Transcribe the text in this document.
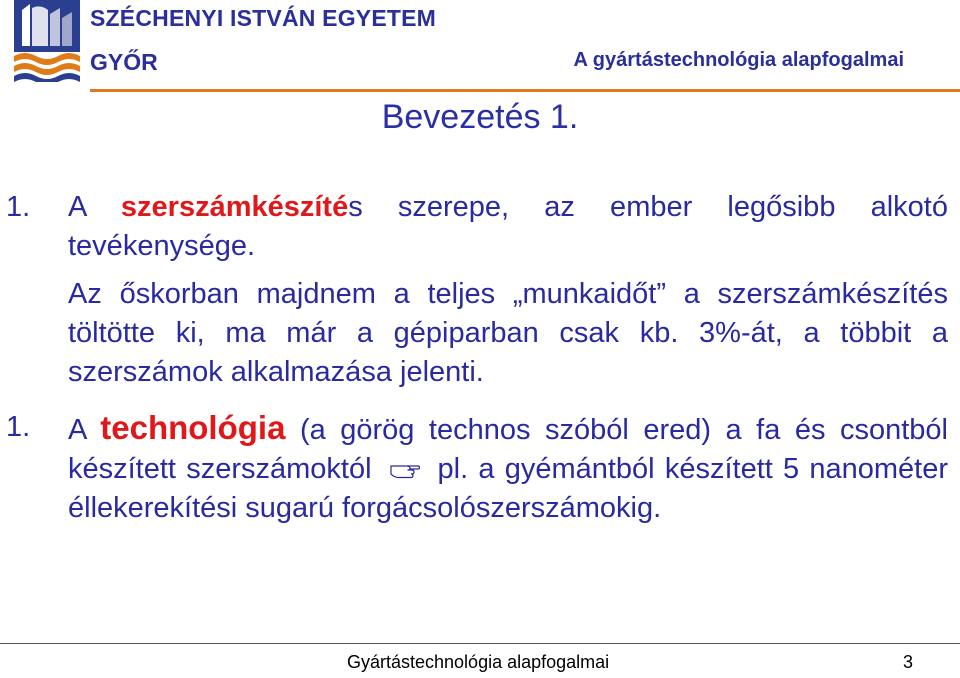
SZÉCHENYI ISTVÁN EGYETEM
GYŐR	A gyártástechnológia alapfogalmai
Bevezetés 1.
1. A szerszámkészítés szerepe, az ember legősibb alkotó tevékenysége.
Az őskorban majdnem a teljes „munkaidőt” a szerszámkészítés töltötte ki, ma már a gépiparban csak kb. 3%-át, a többit a szerszámok alkalmazása jelenti.
1. A technológia (a görög technos szóból ered) a fa és csontból készített szerszámoktól pl. a gyémántból készített 5 nanométer éllekerekítési sugarú forgácsolószerszámokig.
Gyártástechnológia alapfogalmai	3
